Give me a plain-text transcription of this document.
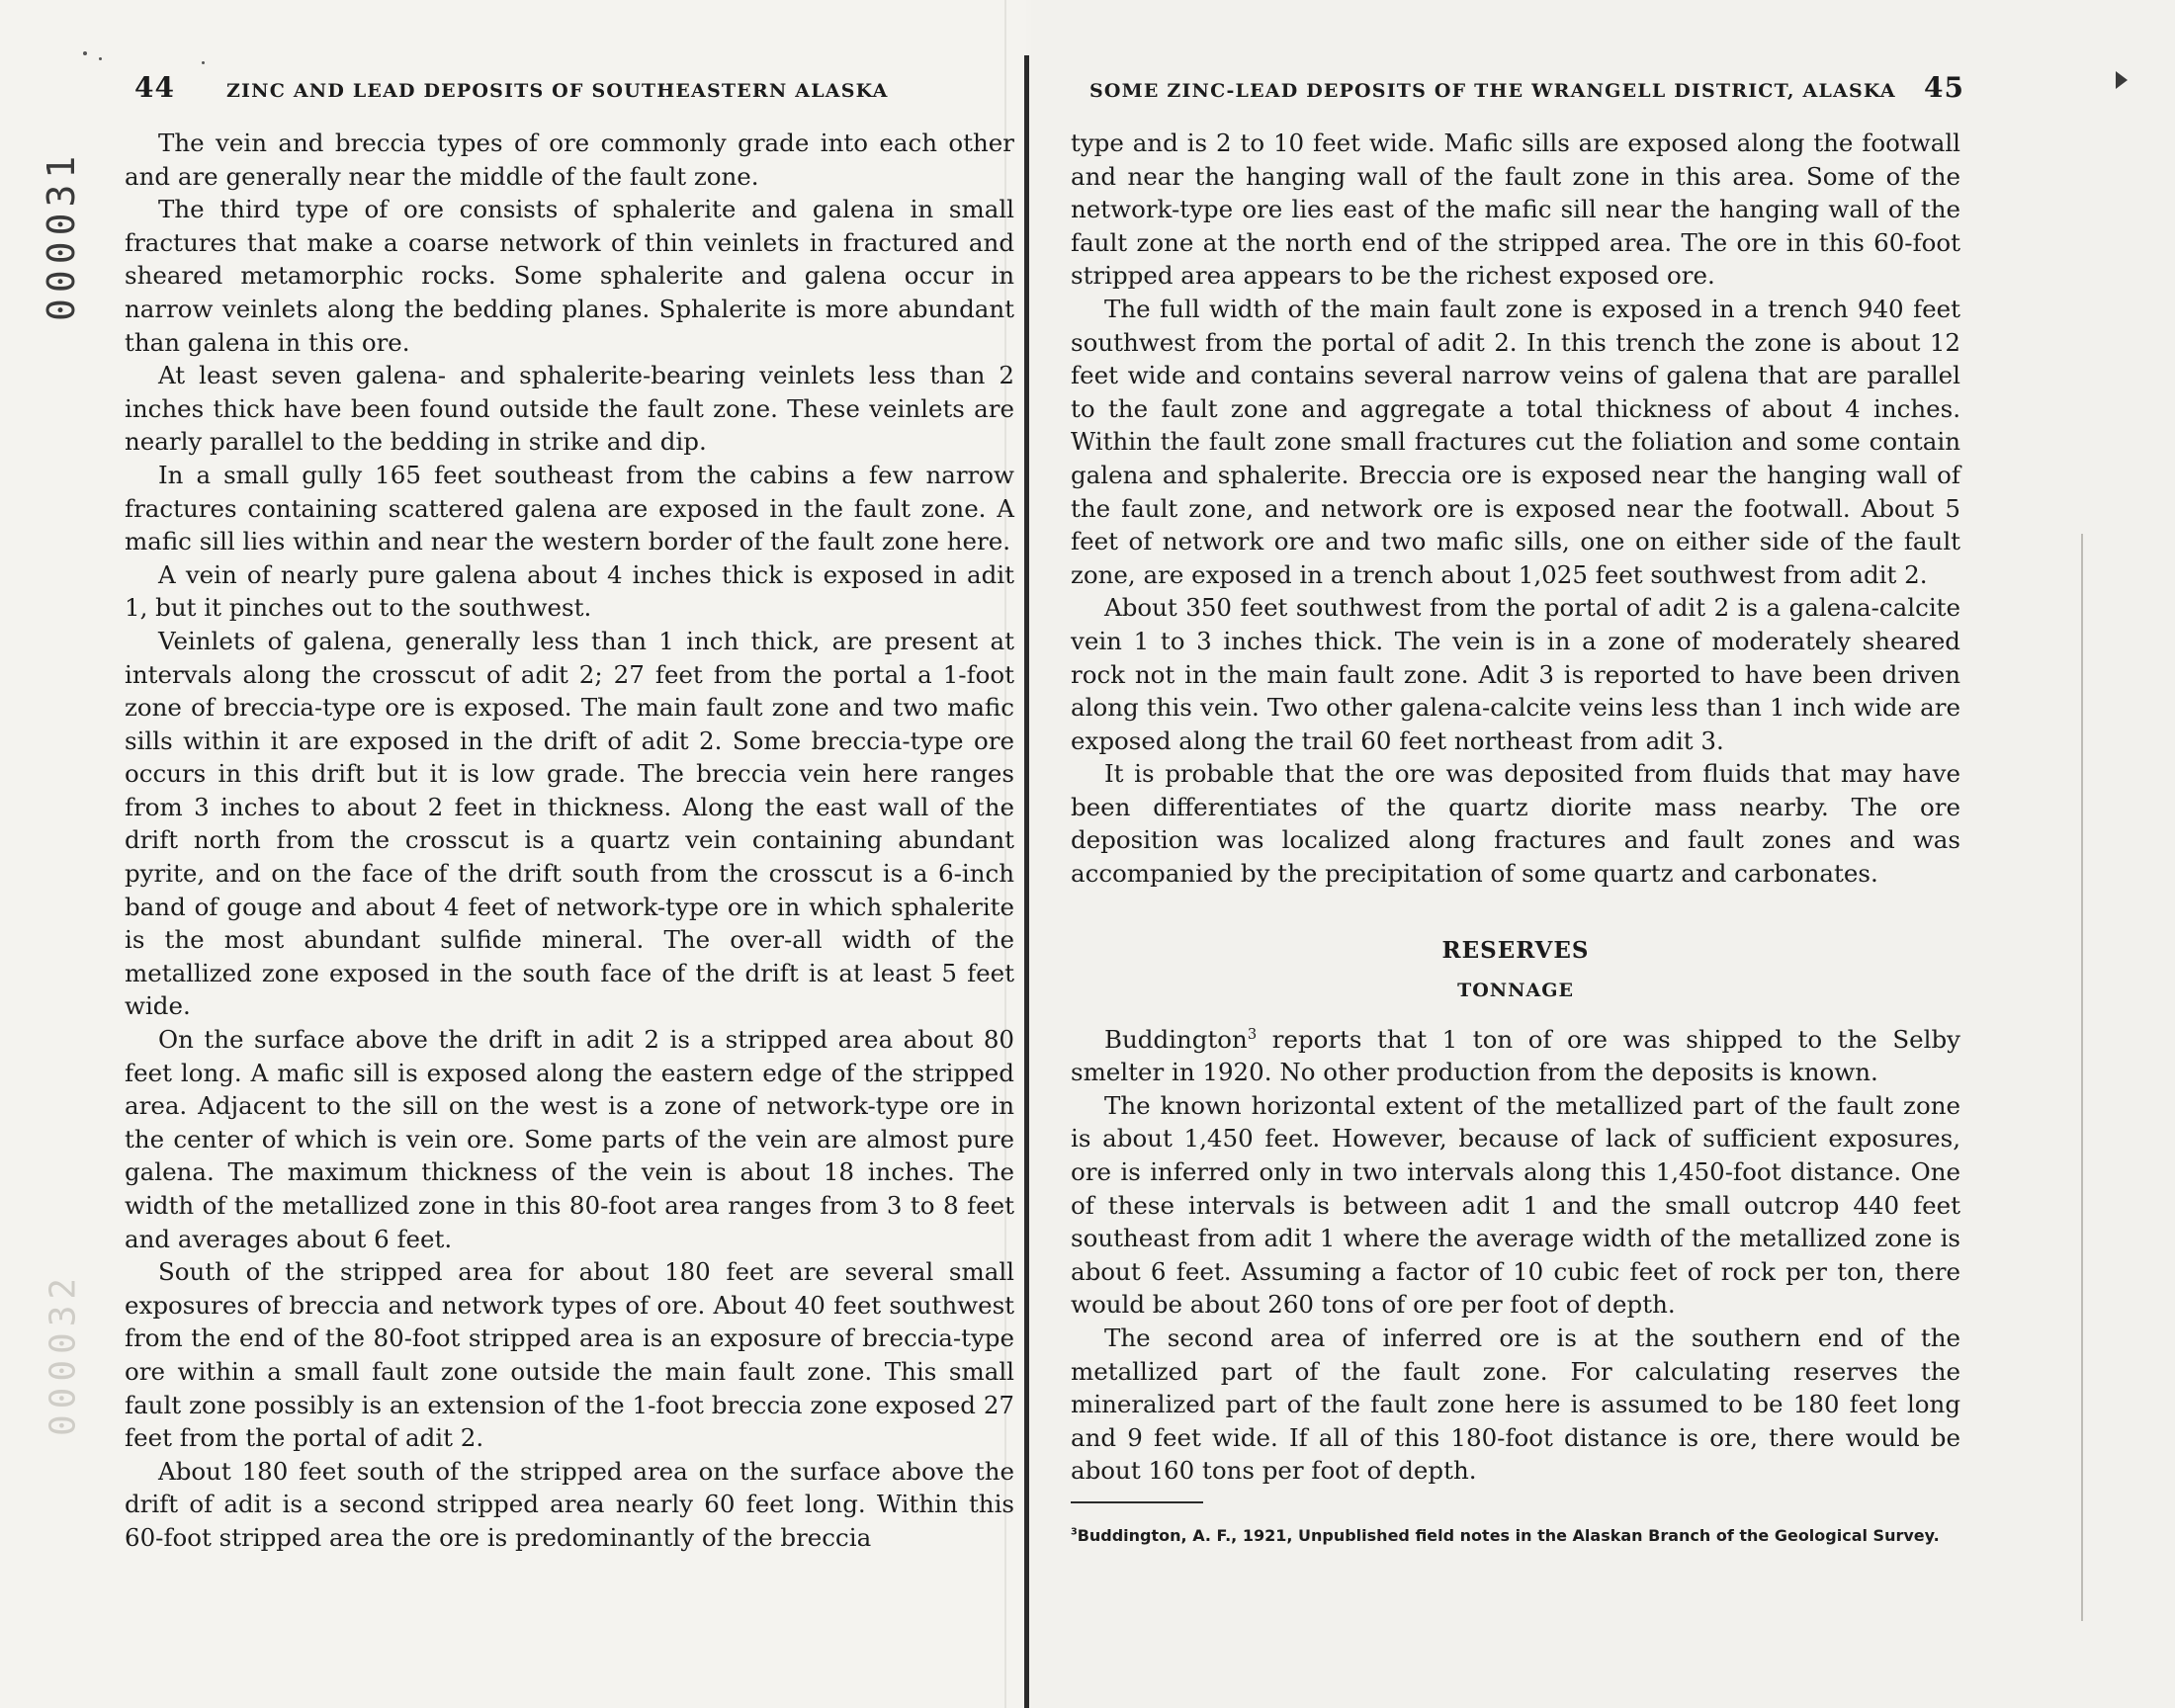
000031
000032
44	ZINC AND LEAD DEPOSITS OF SOUTHEASTERN ALASKA	SOME ZINC-LEAD DEPOSITS OF THE WRANGELL DISTRICT, ALASKA 45

The vein and breccia types of ore commonly grade into each other and are generally near the middle of the fault zone.

The third type of ore consists of sphalerite and galena in small fractures that make a coarse network of thin veinlets in fractured and sheared metamorphic rocks. Some sphalerite and galena occur in narrow veinlets along the bedding planes. Sphalerite is more abundant than galena in this ore.

At least seven galena- and sphalerite-bearing veinlets less than 2 inches thick have been found outside the fault zone. These veinlets are nearly parallel to the bedding in strike and dip.

In a small gully 165 feet southeast from the cabins a few narrow fractures containing scattered galena are exposed in the fault zone. A mafic sill lies within and near the western border of the fault zone here.

A vein of nearly pure galena about 4 inches thick is exposed in adit 1, but it pinches out to the southwest.

Veinlets of galena, generally less than 1 inch thick, are present at intervals along the crosscut of adit 2; 27 feet from the portal a 1-foot zone of breccia-type ore is exposed. The main fault zone and two mafic sills within it are exposed in the drift of adit 2. Some breccia-type ore occurs in this drift but it is low grade. The breccia vein here ranges from 3 inches to about 2 feet in thickness. Along the east wall of the drift north from the crosscut is a quartz vein containing abundant pyrite, and on the face of the drift south from the crosscut is a 6-inch band of gouge and about 4 feet of network-type ore in which sphalerite is the most abundant sulfide mineral. The over-all width of the metallized zone exposed in the south face of the drift is at least 5 feet wide.

On the surface above the drift in adit 2 is a stripped area about 80 feet long. A mafic sill is exposed along the eastern edge of the stripped area. Adjacent to the sill on the west is a zone of network-type ore in the center of which is vein ore. Some parts of the vein are almost pure galena. The maximum thickness of the vein is about 18 inches. The width of the metallized zone in this 80-foot area ranges from 3 to 8 feet and averages about 6 feet.

South of the stripped area for about 180 feet are several small exposures of breccia and network types of ore. About 40 feet southwest from the end of the 80-foot stripped area is an exposure of breccia-type ore within a small fault zone outside the main fault zone. This small fault zone possibly is an extension of the 1-foot breccia zone exposed 27 feet from the portal of adit 2.

About 180 feet south of the stripped area on the surface above the drift of adit is a second stripped area nearly 60 feet long. Within this 60-foot stripped area the ore is predominantly of the breccia

type and is 2 to 10 feet wide. Mafic sills are exposed along the footwall and near the hanging wall of the fault zone in this area. Some of the network-type ore lies east of the mafic sill near the hanging wall of the fault zone at the north end of the stripped area. The ore in this 60-foot stripped area appears to be the richest exposed ore.

The full width of the main fault zone is exposed in a trench 940 feet southwest from the portal of adit 2. In this trench the zone is about 12 feet wide and contains several narrow veins of galena that are parallel to the fault zone and aggregate a total thickness of about 4 inches. Within the fault zone small fractures cut the foliation and some contain galena and sphalerite. Breccia ore is exposed near the hanging wall of the fault zone, and network ore is exposed near the footwall. About 5 feet of network ore and two mafic sills, one on either side of the fault zone, are exposed in a trench about 1,025 feet southwest from adit 2.

About 350 feet southwest from the portal of adit 2 is a galena-calcite vein 1 to 3 inches thick. The vein is in a zone of moderately sheared rock not in the main fault zone. Adit 3 is reported to have been driven along this vein. Two other galena-calcite veins less than 1 inch wide are exposed along the trail 60 feet northeast from adit 3.

It is probable that the ore was deposited from fluids that may have been differentiates of the quartz diorite mass nearby. The ore deposition was localized along fractures and fault zones and was accompanied by the precipitation of some quartz and carbonates.

RESERVES
TONNAGE

Buddington$^3$ reports that 1 ton of ore was shipped to the Selby smelter in 1920. No other production from the deposits is known.

The known horizontal extent of the metallized part of the fault zone is about 1,450 feet. However, because of lack of sufficient exposures, ore is inferred only in two intervals along this 1,450-foot distance. One of these intervals is between adit 1 and the small outcrop 440 feet southeast from adit 1 where the average width of the metallized zone is about 6 feet. Assuming a factor of 10 cubic feet of rock per ton, there would be about 260 tons of ore per foot of depth.

The second area of inferred ore is at the southern end of the metallized part of the fault zone. For calculating reserves the mineralized part of the fault zone here is assumed to be 180 feet long and 9 feet wide. If all of this 180-foot distance is ore, there would be about 160 tons per foot of depth.

$^3$Buddington, A. F., 1921, Unpublished field notes in the Alaskan Branch of the Geological Survey.
